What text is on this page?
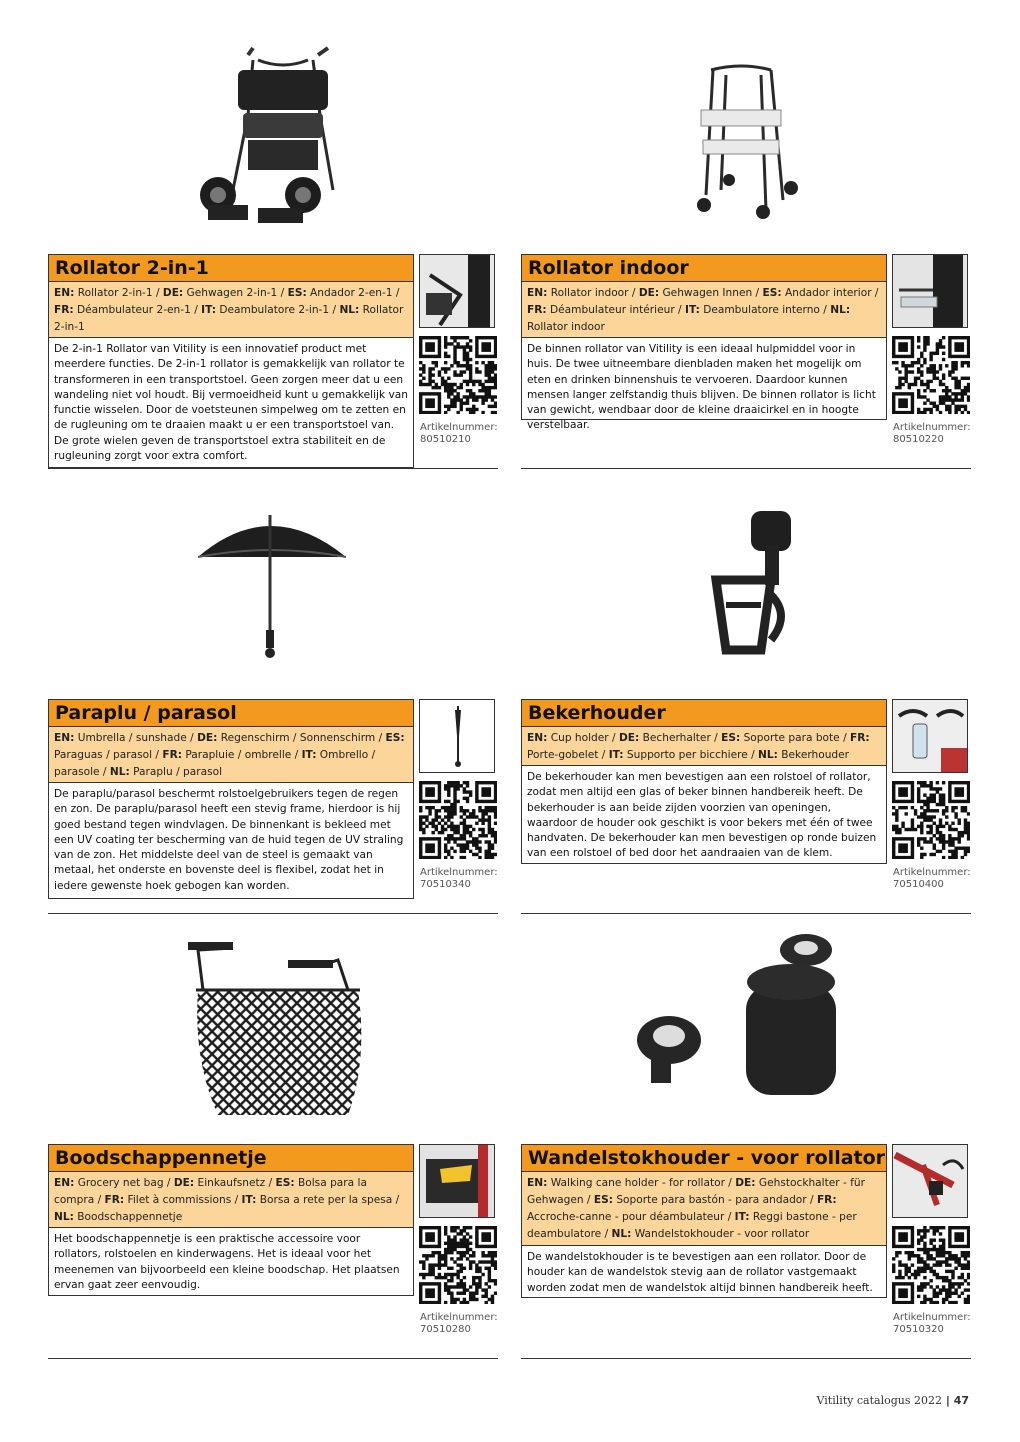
Rollator 2-in-1
EN: Rollator 2-in-1 / DE: Gehwagen 2-in-1 / ES: Andador 2-en-1 / FR: Déambulateur 2-en-1 / IT: Deambulatore 2-in-1 / NL: Rollator 2-in-1
De 2-in-1 Rollator van Vitility is een innovatief product met meerdere functies. De 2-in-1 rollator is gemakkelijk van rollator te transformeren in een transportstoel. Geen zorgen meer dat u een wandeling niet vol houdt. Bij vermoeidheid kunt u gemakkelijk van functie wisselen. Door de voetsteunen simpelweg om te zetten en de rugleuning om te draaien maakt u er een transportstoel van. De grote wielen geven de transportstoel extra stabiliteit en de rugleuning zorgt voor extra comfort.
Artikelnummer:
80510210
Rollator indoor
EN: Rollator indoor / DE: Gehwagen Innen / ES: Andador interior / FR: Déambulateur intérieur / IT: Deambulatore interno / NL: Rollator indoor
De binnen rollator van Vitility is een ideaal hulpmiddel voor in huis. De twee uitneembare dienbladen maken het mogelijk om eten en drinken binnenshuis te vervoeren. Daardoor kunnen mensen langer zelfstandig thuis blijven. De binnen rollator is licht van gewicht, wendbaar door de kleine draaicirkel en in hoogte verstelbaar.	Artikelnummer:
80510220
Paraplu / parasol
EN: Umbrella / sunshade / DE: Regenschirm / Sonnenschirm / ES: Paraguas / parasol / FR: Parapluie / ombrelle / IT: Ombrello / parasole / NL: Paraplu / parasol
De paraplu/parasol beschermt rolstoelgebruikers tegen de regen en zon. De paraplu/parasol heeft een stevig frame, hierdoor is hij goed bestand tegen windvlagen. De binnenkant is bekleed met een UV coating ter bescherming van de huid tegen de UV straling van de zon. Het middelste deel van de steel is gemaakt van metaal, het onderste en bovenste deel is flexibel, zodat het in iedere gewenste hoek gebogen kan worden.
Artikelnummer:
70510340
Bekerhouder
EN: Cup holder / DE: Becherhalter / ES: Soporte para bote / FR: Porte-gobelet / IT: Supporto per bicchiere / NL: Bekerhouder
De bekerhouder kan men bevestigen aan een rolstoel of rollator, zodat men altijd een glas of beker binnen handbereik heeft. De bekerhouder is aan beide zijden voorzien van openingen, waardoor de houder ook geschikt is voor bekers met één of twee handvaten. De bekerhouder kan men bevestigen op ronde buizen van een rolstoel of bed door het aandraaien van de klem.
Artikelnummer:
70510400
Boodschappennetje
EN: Grocery net bag / DE: Einkaufsnetz / ES: Bolsa para la compra / FR: Filet à commissions / IT: Borsa a rete per la spesa / NL: Boodschappennetje
Het boodschappennetje is een praktische accessoire voor rollators, rolstoelen en kinderwagens. Het is ideaal voor het meenemen van bijvoorbeeld een kleine boodschap. Het plaatsen ervan gaat zeer eenvoudig.
Artikelnummer:
70510280
Wandelstokhouder - voor rollator
EN: Walking cane holder - for rollator / DE: Gehstockhalter - für Gehwagen / ES: Soporte para bastón - para andador / FR: Accroche-canne - pour déambulateur / IT: Reggi bastone - per deambulatore / NL: Wandelstokhouder - voor rollator
De wandelstokhouder is te bevestigen aan een rollator. Door de houder kan de wandelstok stevig aan de rollator vastgemaakt worden zodat men de wandelstok altijd binnen handbereik heeft.
Artikelnummer:
70510320
Vitility catalogus 2022 | 47
